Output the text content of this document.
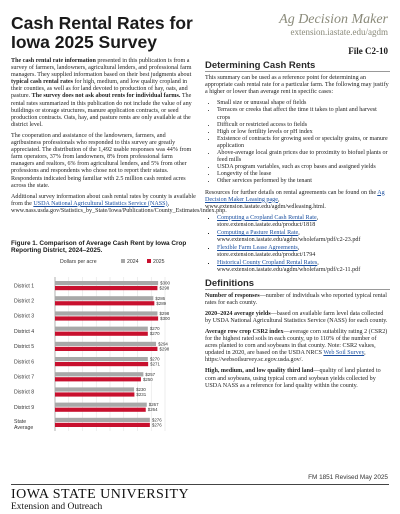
Cash Rental Rates for Iowa 2025 Survey
Ag Decision Maker
extension.iastate.edu/agdm
File C2-10

The cash rental rate information presented in this publication is from a survey of farmers, landowners, agricultural lenders, and professional farm managers. They supplied information based on their best judgments about typical cash rental rates for high, medium, and low quality cropland in their counties, as well as for land devoted to production of hay, oats, and pasture. The survey does not ask about rents for individual farms. The rental rates summarized in this publication do not include the value of any buildings or storage structures, manure application contracts, or seed production contracts. Oats, hay, and pasture rents are only available at the district level.

The cooperation and assistance of the landowners, farmers, and agribusiness professionals who responded to this survey are greatly appreciated. The distribution of the 1,492 usable responses was 44% from farm operators, 37% from landowners, 8% from professional farm managers and realtors, 6% from agricultural lenders, and 5% from other professions and respondents who chose not to report their status. Respondents indicated being familiar with 2.5 million cash rented acres across the state.

Additional survey information about cash rental rates by county is available from the USDA National Agricultural Statistics Service (NASS), www.nass.usda.gov/Statistics_by_State/Iowa/Publications/County_Estimates/index.php.

Figure 1. Comparison of Average Cash Rent by Iowa Crop Reporting District, 2024–2025.
Dollars per acre	2024	2025
District 1
$300
$298
District 2
$286
$289
District 3
$298
$300
District 4
$270
$270
District 5
$294
$298
District 6
$270
$271
District 7
$257
$250
District 8
$230
$231
District 9
$267
$264
State Average
$276
$276
Determining Cash Rents

This summary can be used as a reference point for determining an appropriate cash rental rate for a particular farm. The following may justify a higher or lower than average rent in specific cases:

• Small size or unusual shape of fields
• Terraces or creeks that affect the time it takes to plant and harvest crops
• Difficult or restricted access to fields
• High or low fertility levels or pH index
• Existence of contracts for growing seed or specialty grains, or manure application
• Above-average local grain prices due to proximity to biofuel plants or feed mills
• USDA program variables, such as crop bases and assigned yields
• Longevity of the lease
• Other services performed by the tenant

Resources for further details on rental agreements can be found on the Ag Decision Maker Leasing page, www.extension.iastate.edu/agdm/wdleasing.html.

▪ Computing a Cropland Cash Rental Rate, store.extension.iastate.edu/product/1818
▪ Computing a Pasture Rental Rate, www.extension.iastate.edu/agdm/wholefarm/pdf/c2-23.pdf
▪ Flexible Farm Lease Agreements, store.extension.iastate.edu/product/1794
▪ Historical County Cropland Rental Rates, www.extension.iastate.edu/agdm/wholefarm/pdf/c2-11.pdf
Definitions

Number of responses—number of individuals who reported typical rental rates for each county.

2020–2024 average yields—based on available farm level data collected by USDA National Agricultural Statistics Service (NASS) for each county.

Average row crop CSR2 index—average corn suitability rating 2 (CSR2) for the highest rated soils in each county, up to 110% of the number of acres planted to corn and soybeans in that county. Note: CSR2 values, updated in 2020, are based on the USDA NRCS Web Soil Survey, https://websoilsurvey.sc.egov.usda.gov/.

High, medium, and low quality third land—quality of land planted to corn and soybeans, using typical corn and soybean yields collected by USDA NASS as a reference for land quality within the county.

FM 1851 Revised May 2025
IOWA STATE UNIVERSITY
Extension and Outreach
